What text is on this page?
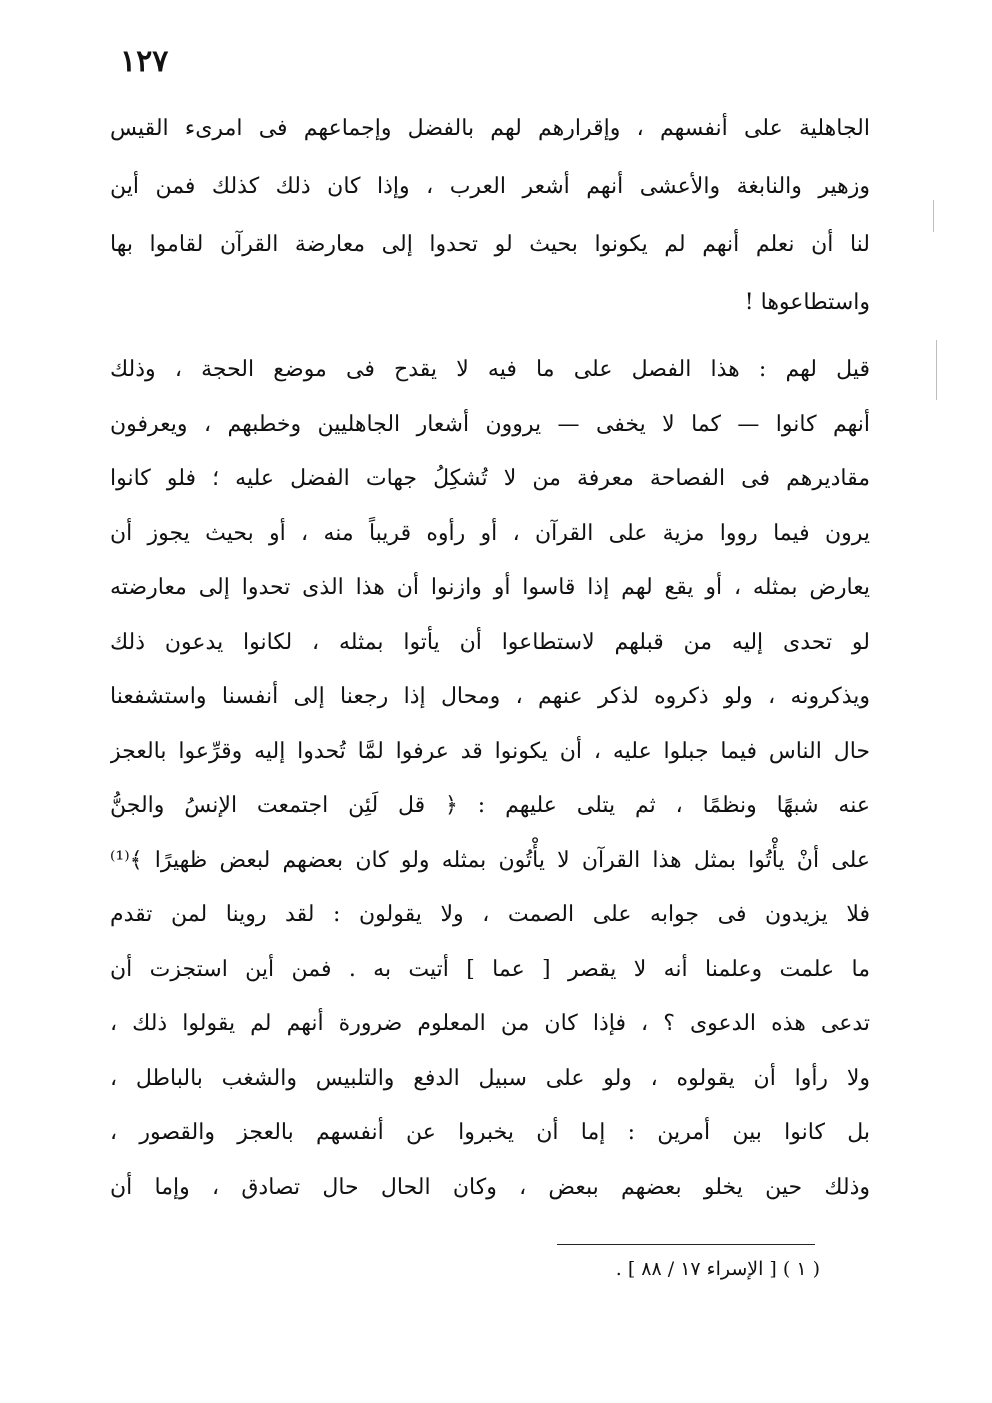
١٢٧
الجاهلية على أنفسهم ، وإقرارهم لهم بالفضل وإجماعهم فى امرىء القيس
وزهير والنابغة والأعشى أنهم أشعر العرب ، وإذا كان ذلك كذلك فمن أين
لنا أن نعلم أنهم لم يكونوا بحيث لو تحدوا إلى معارضة القرآن لقاموا بها
واستطاعوها !
قيل لهم : هذا الفصل على ما فيه لا يقدح فى موضع الحجة ، وذلك
أنهم كانوا — كما لا يخفى — يروون أشعار الجاهليين وخطبهم ، ويعرفون
مقاديرهم فى الفصاحة معرفة من لا تُشكِلُ جهات الفضل عليه ؛ فلو كانوا
يرون فيما رووا مزية على القرآن ، أو رأوه قريباً منه ، أو بحيث يجوز أن
يعارض بمثله ، أو يقع لهم إذا قاسوا أو وازنوا أن هذا الذى تحدوا إلى معارضته
لو تحدى إليه من قبلهم لاستطاعوا أن يأتوا بمثله ، لكانوا يدعون ذلك
ويذكرونه ، ولو ذكروه لذكر عنهم ، ومحال إذا رجعنا إلى أنفسنا واستشفعنا
حال الناس فيما جبلوا عليه ، أن يكونوا قد عرفوا لمَّا تُحدوا إليه وقرِّعوا بالعجز
عنه شبهًا ونظمًا ، ثم يتلى عليهم : ﴿ قل لَئِن اجتمعت الإنسُ والجنُّ
على أنْ يأْتُوا بمثل هذا القرآن لا يأْتُون بمثله ولو كان بعضهم لبعض ظهيرًا ﴾⁽¹⁾
فلا يزيدون فى جوابه على الصمت ، ولا يقولون : لقد روينا لمن تقدم
ما علمت وعلمنا أنه لا يقصر [ عما ] أتيت به . فمن أين استجزت أن
تدعى هذه الدعوى ؟ ، فإذا كان من المعلوم ضرورة أنهم لم يقولوا ذلك ،
ولا رأوا أن يقولوه ، ولو على سبيل الدفع والتلبيس والشغب بالباطل ،
بل كانوا بين أمرين : إما أن يخبروا عن أنفسهم بالعجز والقصور ،
وذلك حين يخلو بعضهم ببعض ، وكان الحال حال تصادق ، وإما أن
( ١ ) [ الإسراء ١٧ / ٨٨ ] .
